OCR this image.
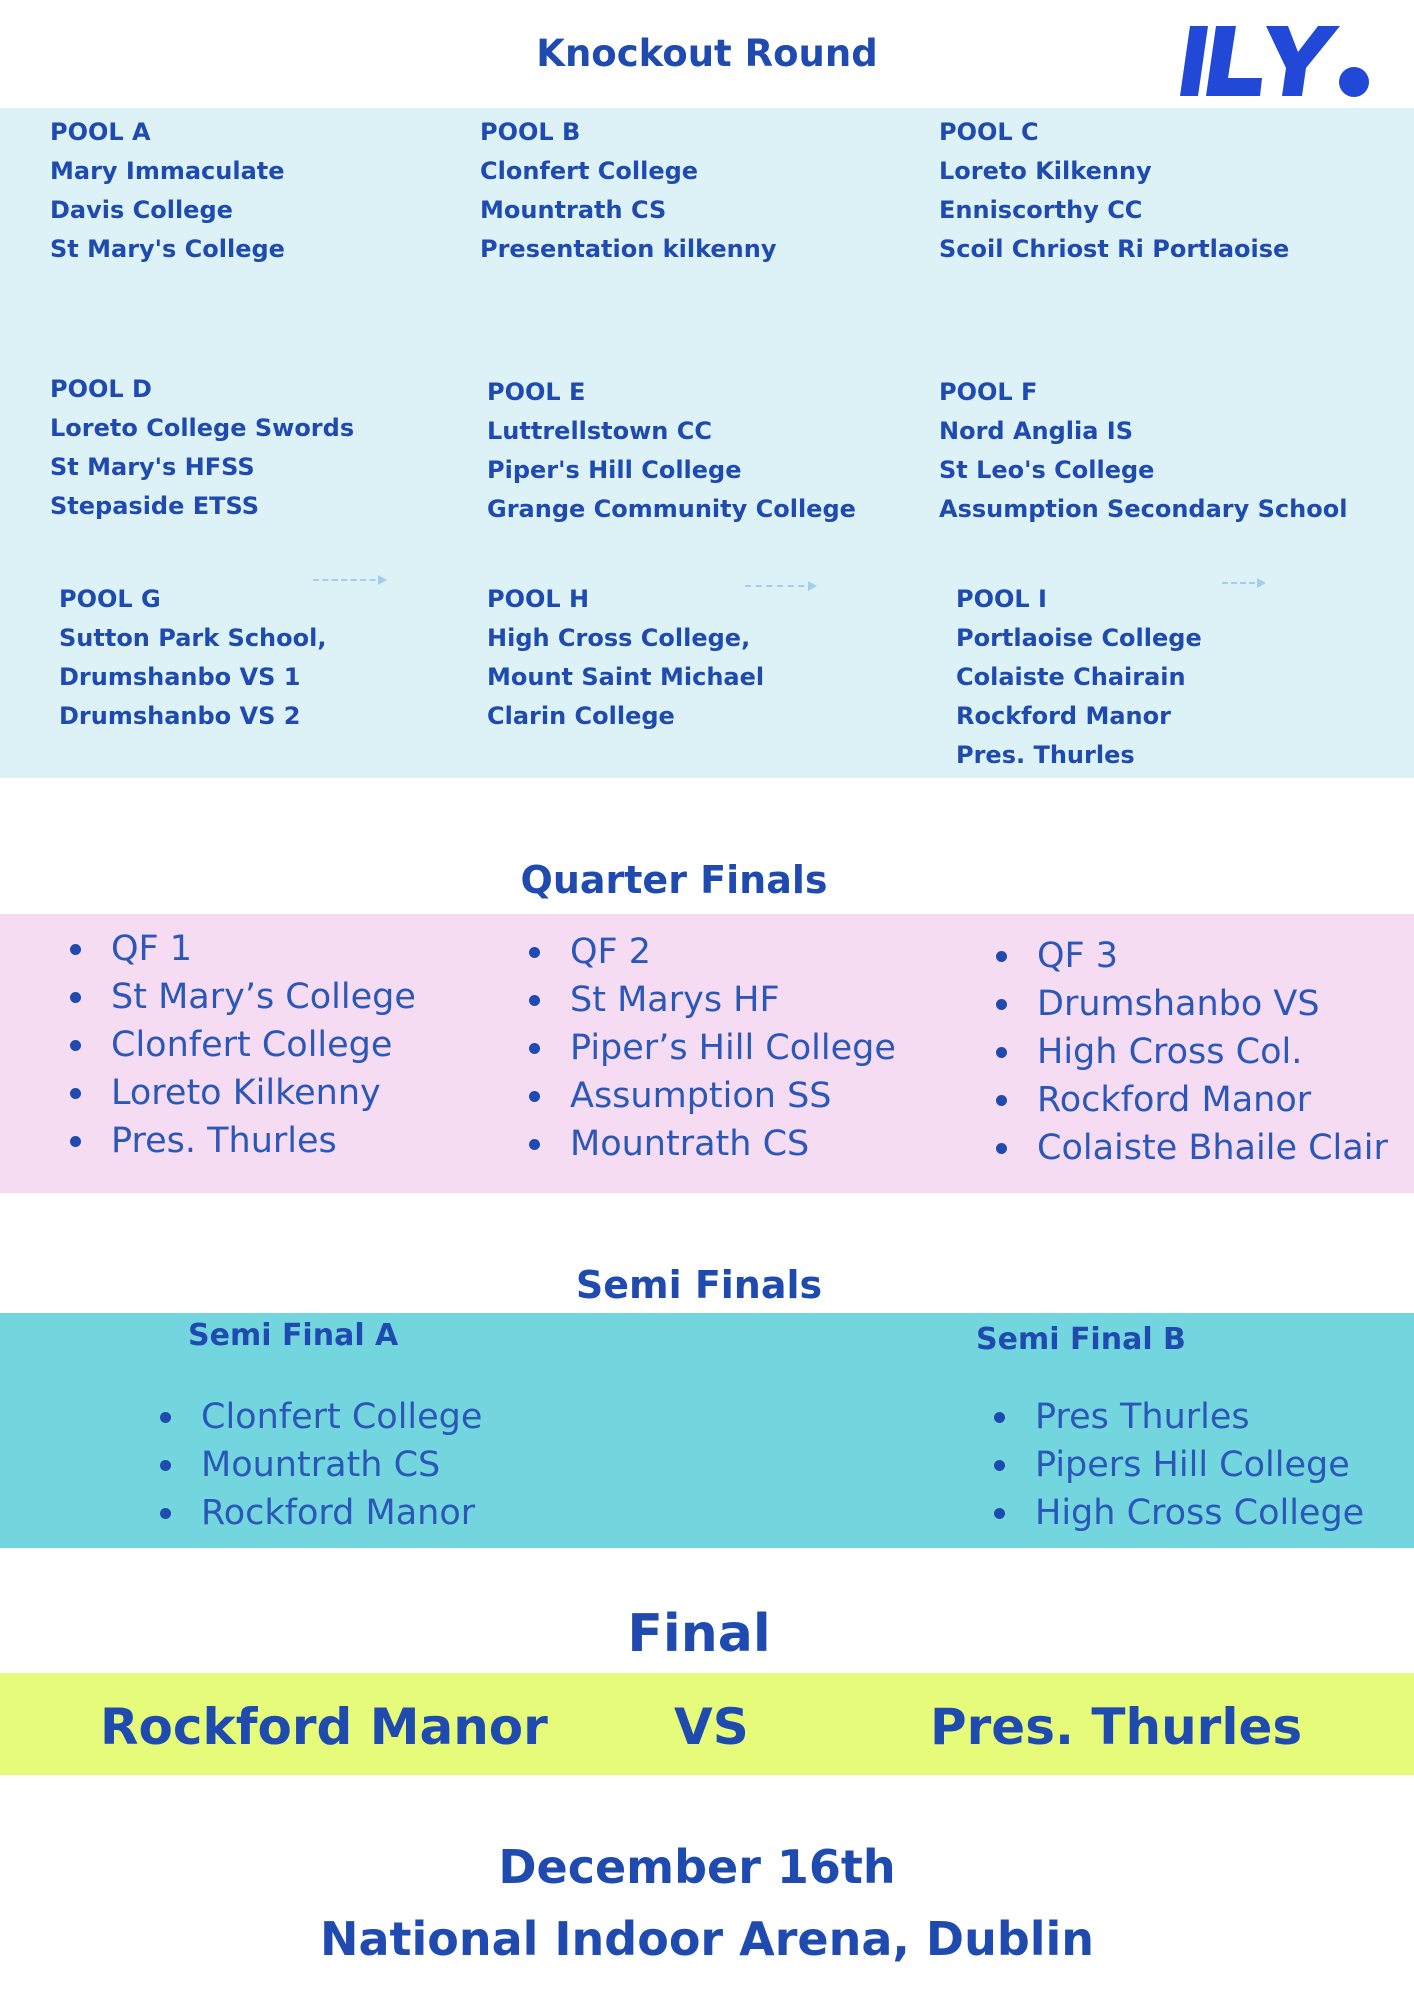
Knockout Round
POOL A
Mary Immaculate
Davis College
St Mary's College
POOL B
Clonfert College
Mountrath CS
Presentation kilkenny
POOL C
Loreto Kilkenny
Enniscorthy CC
Scoil Chriost Ri Portlaoise
POOL D
Loreto College Swords
St Mary's HFSS
Stepaside ETSS
POOL E
Luttrellstown CC
Piper's Hill College
Grange Community College
POOL F
Nord Anglia IS
St Leo's College
Assumption Secondary School
POOL G
Sutton Park School,
Drumshanbo VS 1
Drumshanbo VS 2
POOL H
High Cross College,
Mount Saint Michael
Clarin College
POOL I
Portlaoise College
Colaiste Chairain
Rockford Manor
Pres. Thurles
Quarter Finals
QF 1
St Mary’s College
Clonfert College
Loreto Kilkenny
Pres. Thurles
QF 2
St Marys HF
Piper’s Hill College
Assumption SS
Mountrath CS
QF 3
Drumshanbo VS
High Cross Col.
Rockford Manor
Colaiste Bhaile Clair
Semi Finals
Semi Final A
Clonfert College
Mountrath CS
Rockford Manor
Semi Final B
Pres Thurles
Pipers Hill College
High Cross College
Final
Rockford Manor	VS	Pres. Thurles
December 16th
National Indoor Arena, Dublin
